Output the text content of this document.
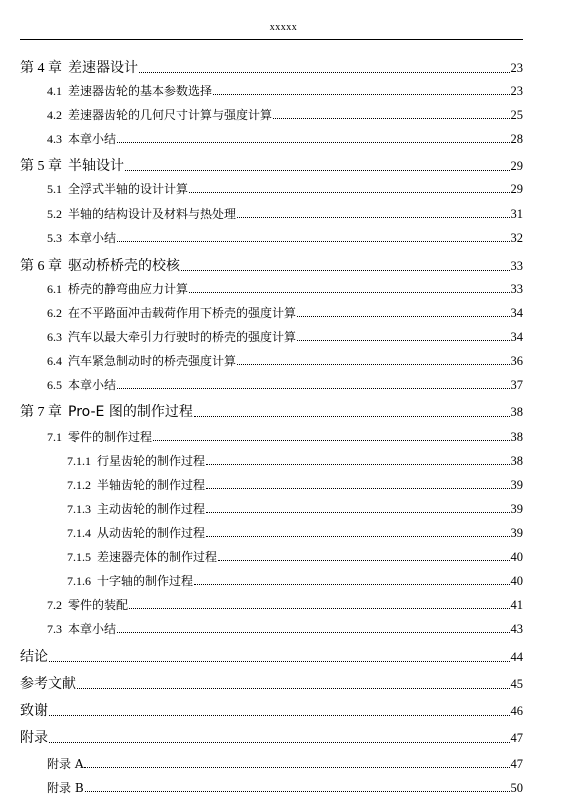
xxxxx
第 4 章 差速器设计	23
4.1 差速器齿轮的基本参数选择	23
4.2 差速器齿轮的几何尺寸计算与强度计算	25
4.3 本章小结	28
第 5 章 半轴设计	29
5.1 全浮式半轴的设计计算	29
5.2 半轴的结构设计及材料与热处理	31
5.3 本章小结	32
第 6 章 驱动桥桥壳的校核	33
6.1 桥壳的静弯曲应力计算	33
6.2 在不平路面冲击载荷作用下桥壳的强度计算	34
6.3 汽车以最大牵引力行驶时的桥壳的强度计算	34
6.4 汽车紧急制动时的桥壳强度计算	36
6.5 本章小结	37
第 7 章 Pro-E 图的制作过程	38
7.1 零件的制作过程	38
7.1.1 行星齿轮的制作过程	38
7.1.2 半轴齿轮的制作过程	39
7.1.3 主动齿轮的制作过程	39
7.1.4 从动齿轮的制作过程	39
7.1.5 差速器壳体的制作过程	40
7.1.6 十字轴的制作过程	40
7.2 零件的装配	41
7.3 本章小结	43
结论	44
参考文献	45
致谢	46
附录	47
附录 A	47
附录 B	50
